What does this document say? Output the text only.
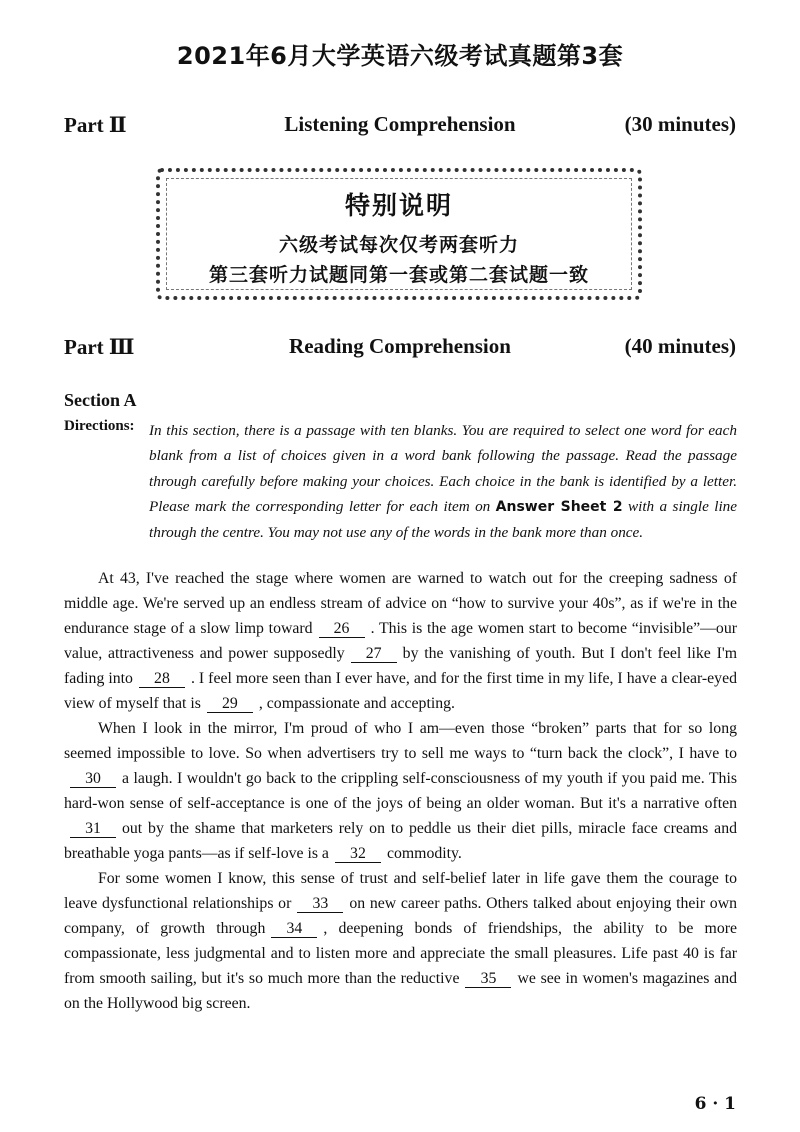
2021年6月大学英语六级考试真题第3套
Part Ⅱ	Listening Comprehension	(30 minutes)
特别说明
六级考试每次仅考两套听力
第三套听力试题同第一套或第二套试题一致
Part Ⅲ	Reading Comprehension	(40 minutes)
Section A
Directions: In this section, there is a passage with ten blanks. You are required to select one word for each blank from a list of choices given in a word bank following the passage. Read the passage through carefully before making your choices. Each choice in the bank is identified by a letter. Please mark the corresponding letter for each item on Answer Sheet 2 with a single line through the centre. You may not use any of the words in the bank more than once.

At 43, I've reached the stage where women are warned to watch out for the creeping sadness of middle age. We're served up an endless stream of advice on “how to survive your 40s”, as if we're in the endurance stage of a slow limp toward 26 . This is the age women start to become “invisible”—our value, attractiveness and power supposedly 27 by the vanishing of youth. But I don't feel like I'm fading into 28 . I feel more seen than I ever have, and for the first time in my life, I have a clear-eyed view of myself that is 29 , compassionate and accepting.

When I look in the mirror, I'm proud of who I am—even those “broken” parts that for so long seemed impossible to love. So when advertisers try to sell me ways to “turn back the clock”, I have to30 a laugh. I wouldn't go back to the crippling self-consciousness of my youth if you paid me. This hard-won sense of self-acceptance is one of the joys of being an older woman. But it's a narrative often31 out by the shame that marketers rely on to peddle us their diet pills, miracle face creams and breathable yoga pants—as if self-love is a 32 commodity.

For some women I know, this sense of trust and self-belief later in life gave them the courage to leave dysfunctional relationships or 33 on new career paths. Others talked about enjoying their own company, of growth through 34 , deepening bonds of friendships, the ability to be more compassionate, less judgmental and to listen more and appreciate the small pleasures. Life past 40 is far from smooth sailing, but it's so much more than the reductive 35 we see in women's magazines and on the Hollywood big screen.

6 · 1
